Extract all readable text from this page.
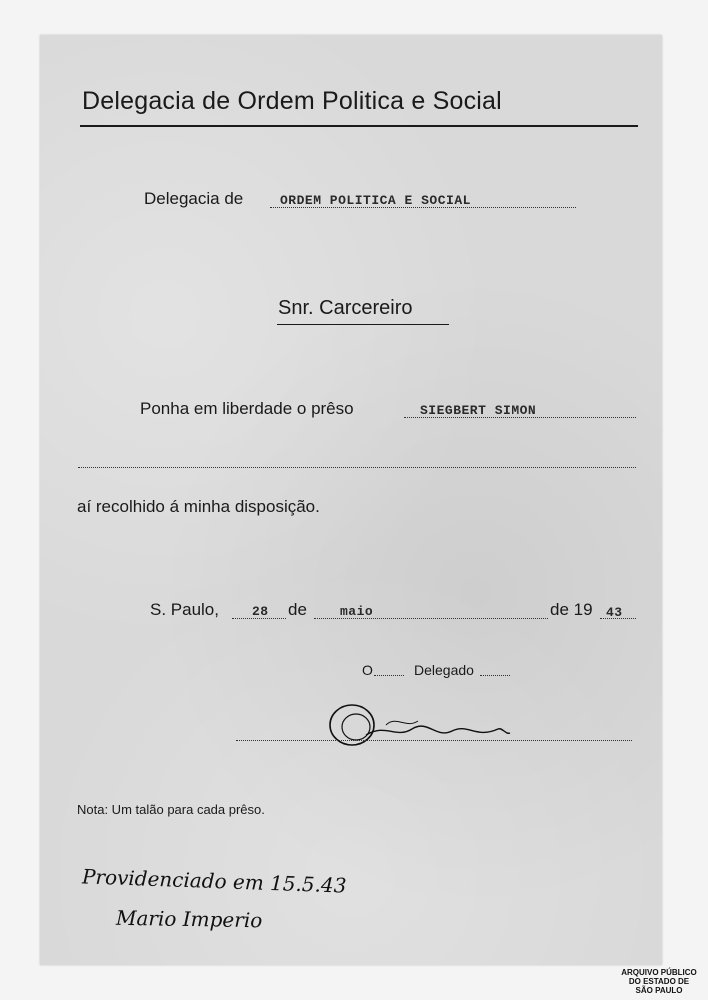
Delegacia de Ordem Politica e Social
Delegacia de	ORDEM POLITICA E SOCIAL
Snr. Carcereiro
Ponha em liberdade o prêso	SIEGBERT SIMON
aí recolhido á minha disposição.
S. Paulo,	28 de	maio	de 19 43
O	Delegado
Nota: Um talão para cada prêso.
Providenciado em 15.5.43
Mario Imperio
ARQUIVO PÚBLICO
DO ESTADO DE
SÃO PAULO
